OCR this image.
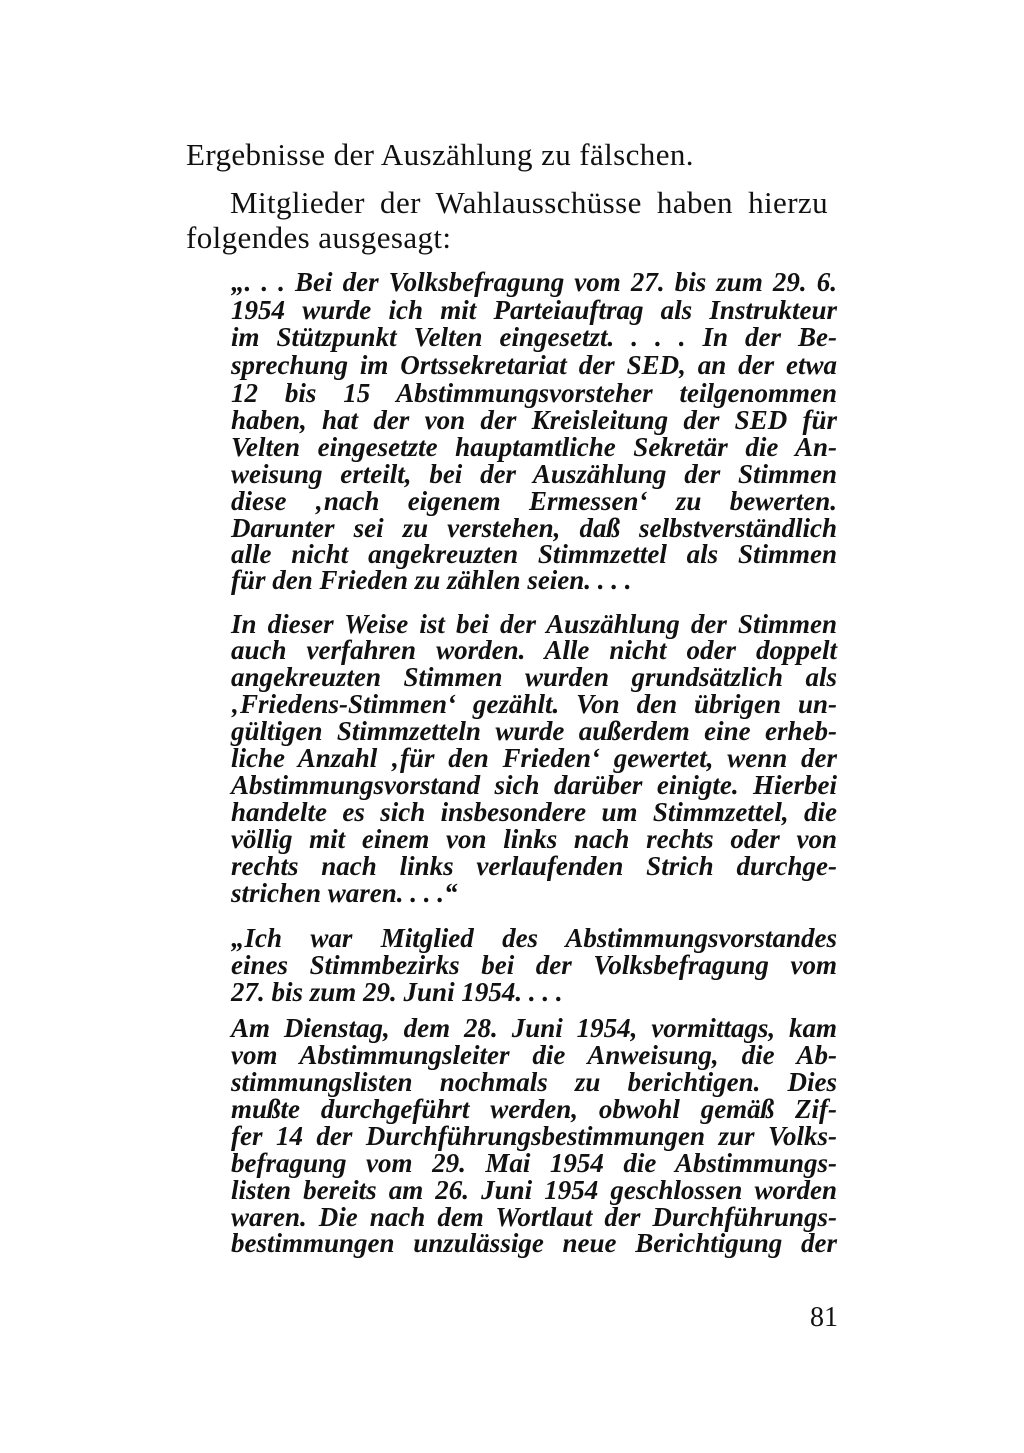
Ergebnisse der Auszählung zu fälschen.
Mitglieder der Wahlausschüsse haben hierzu
folgendes ausgesagt:
„. . . Bei der Volksbefragung vom 27. bis zum 29. 6.
1954 wurde ich mit Parteiauftrag als Instrukteur
im Stützpunkt Velten eingesetzt. . . . In der Be-
sprechung im Ortssekretariat der SED, an der etwa
12 bis 15 Abstimmungsvorsteher teilgenommen
haben, hat der von der Kreisleitung der SED für
Velten eingesetzte hauptamtliche Sekretär die An-
weisung erteilt, bei der Auszählung der Stimmen
diese ‚nach eigenem Ermessen‘ zu bewerten.
Darunter sei zu verstehen, daß selbstverständlich
alle nicht angekreuzten Stimmzettel als Stimmen
für den Frieden zu zählen seien. . . .
In dieser Weise ist bei der Auszählung der Stimmen
auch verfahren worden. Alle nicht oder doppelt
angekreuzten Stimmen wurden grundsätzlich als
‚Friedens-Stimmen‘ gezählt. Von den übrigen un-
gültigen Stimmzetteln wurde außerdem eine erheb-
liche Anzahl ‚für den Frieden‘ gewertet, wenn der
Abstimmungsvorstand sich darüber einigte. Hierbei
handelte es sich insbesondere um Stimmzettel, die
völlig mit einem von links nach rechts oder von
rechts nach links verlaufenden Strich durchge-
strichen waren. . . .“
„Ich war Mitglied des Abstimmungsvorstandes
eines Stimmbezirks bei der Volksbefragung vom
27. bis zum 29. Juni 1954. . . .
Am Dienstag, dem 28. Juni 1954, vormittags, kam
vom Abstimmungsleiter die Anweisung, die Ab-
stimmungslisten nochmals zu berichtigen. Dies
mußte durchgeführt werden, obwohl gemäß Zif-
fer 14 der Durchführungsbestimmungen zur Volks-
befragung vom 29. Mai 1954 die Abstimmungs-
listen bereits am 26. Juni 1954 geschlossen worden
waren. Die nach dem Wortlaut der Durchführungs-
bestimmungen unzulässige neue Berichtigung der
81
